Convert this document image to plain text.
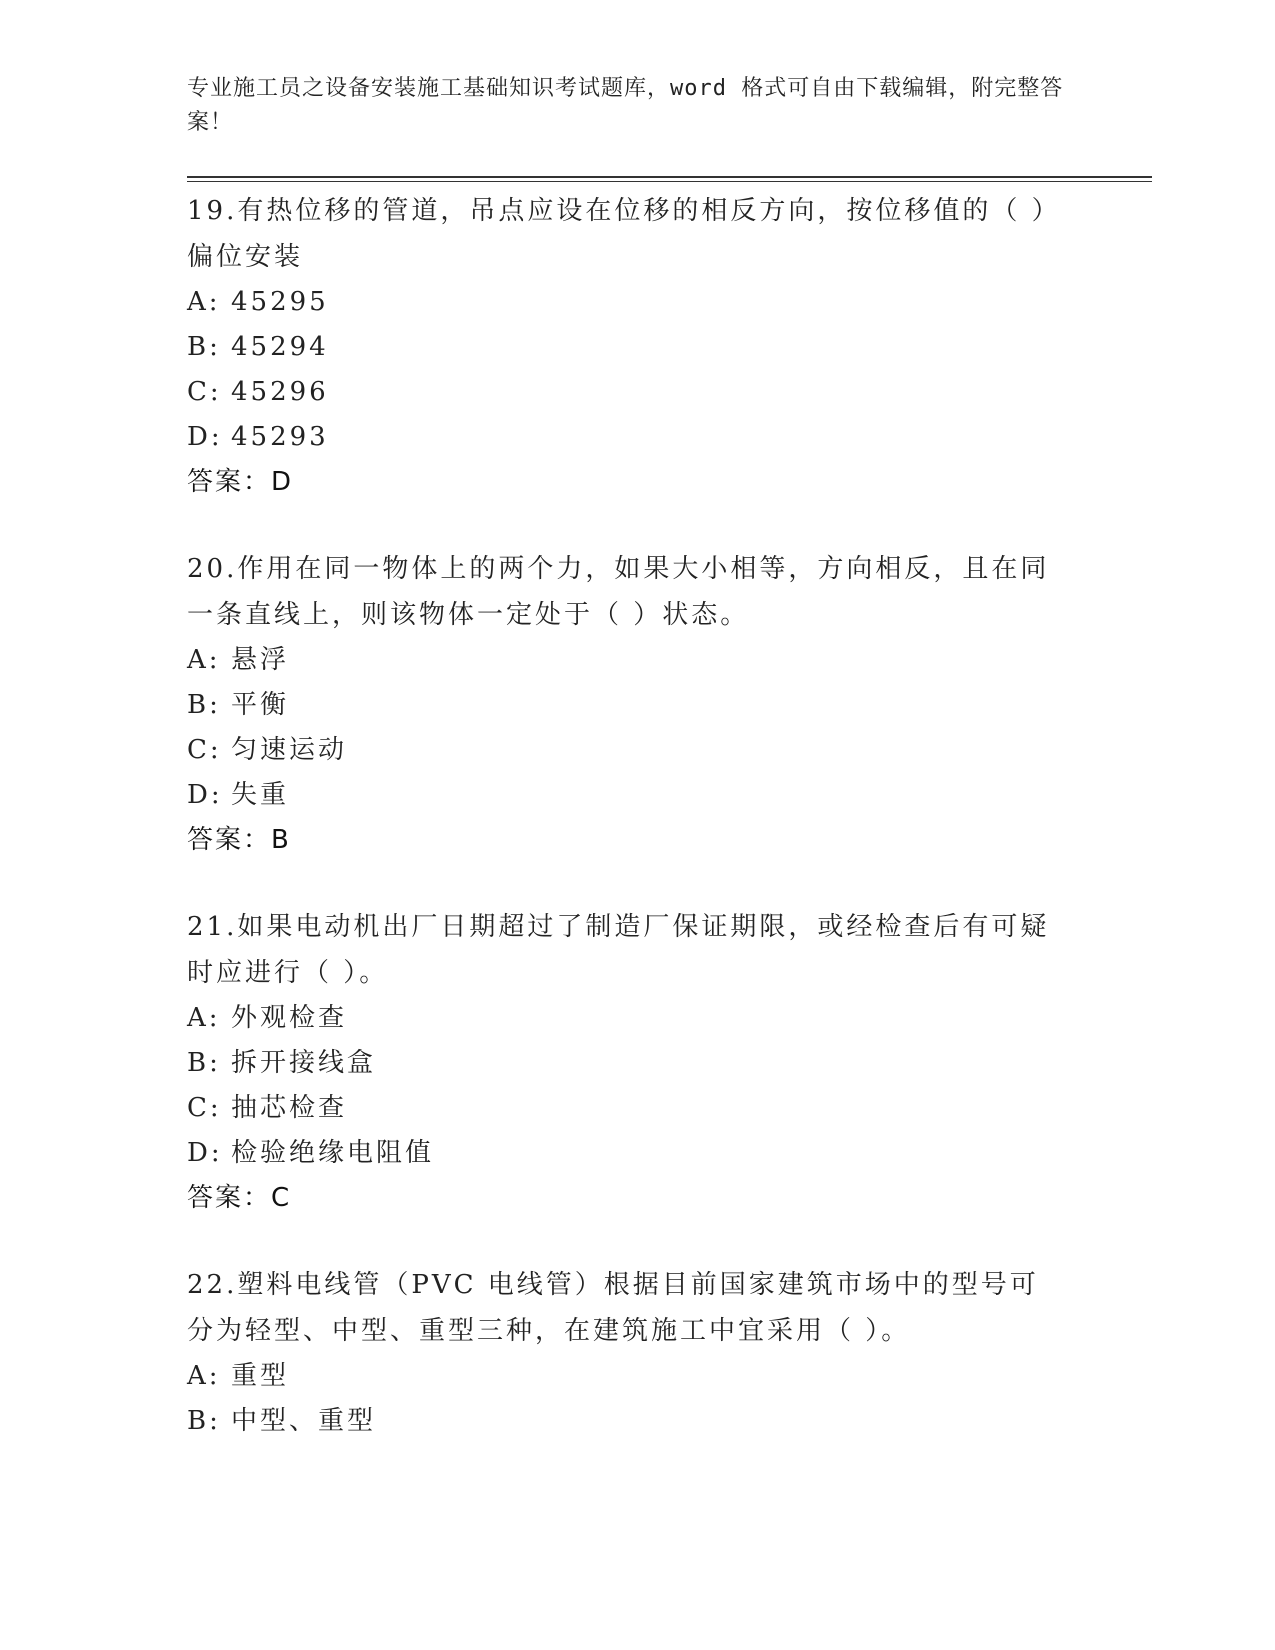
专业施工员之设备安装施工基础知识考试题库，word 格式可自由下载编辑，附完整答案！

19.有热位移的管道，吊点应设在位移的相反方向，按位移值的（ ）偏位安装

A: 45295

B: 45294

C: 45296

D: 45293

答案：D

20.作用在同一物体上的两个力，如果大小相等，方向相反，且在同一条直线上，则该物体一定处于（ ）状态。

A: 悬浮

B: 平衡

C: 匀速运动

D: 失重

答案：B

21.如果电动机出厂日期超过了制造厂保证期限，或经检查后有可疑时应进行（ ）。

A: 外观检查

B: 拆开接线盒

C: 抽芯检查

D: 检验绝缘电阻值

答案：C

22.塑料电线管（PVC 电线管）根据目前国家建筑市场中的型号可分为轻型、中型、重型三种，在建筑施工中宜采用（ ）。

A: 重型

B: 中型、重型
